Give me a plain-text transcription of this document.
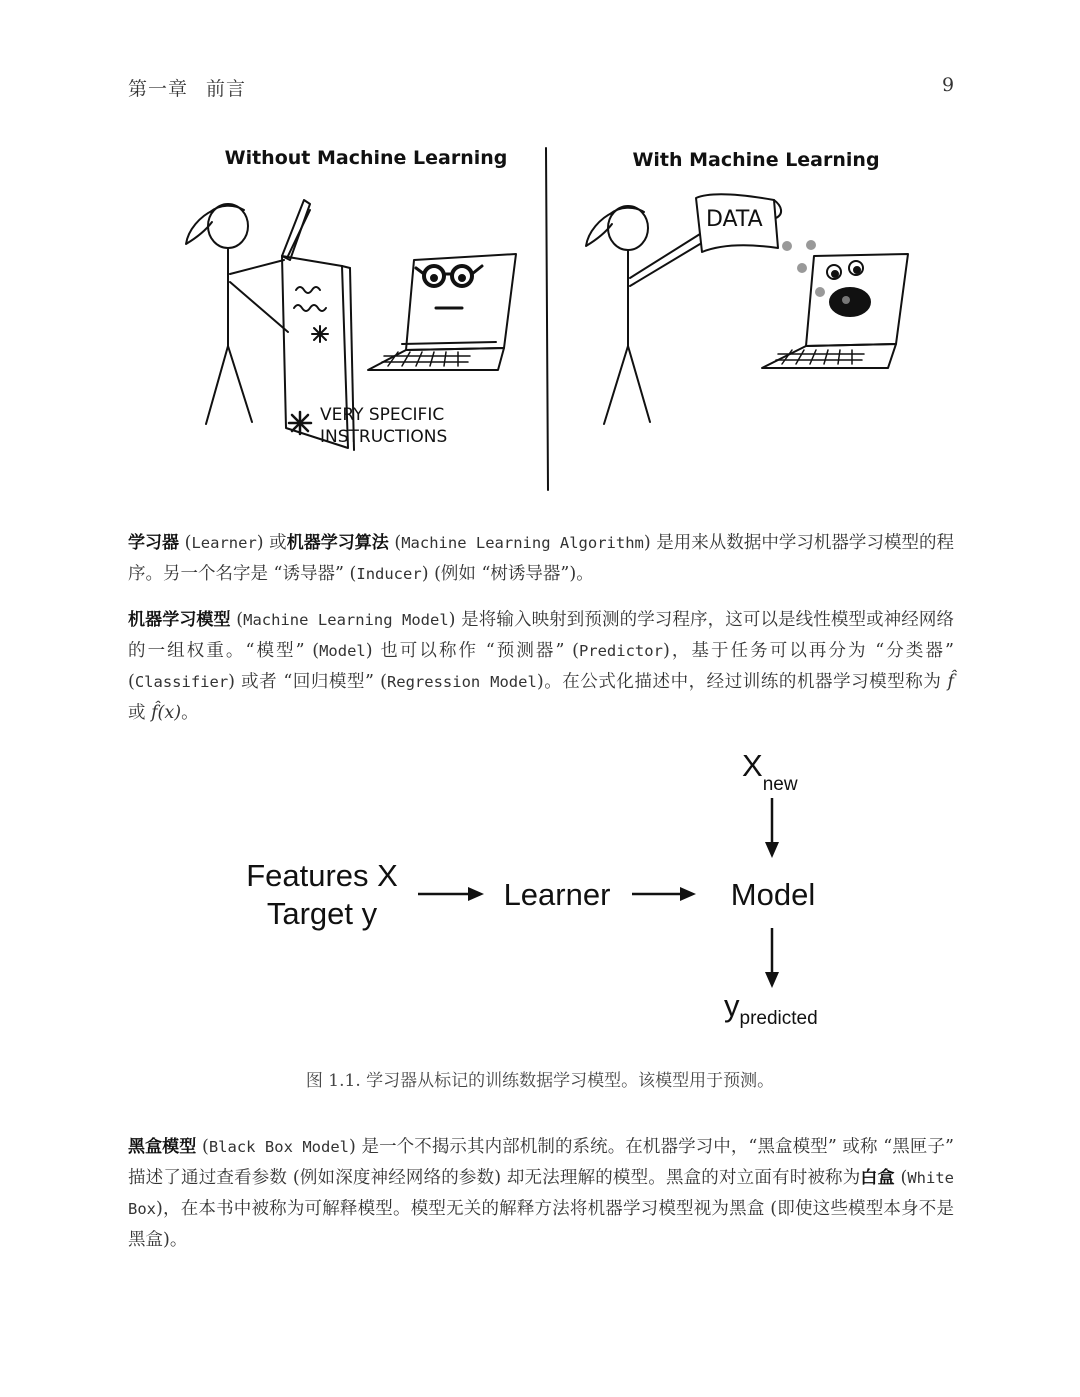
第一章 前言	9
Without Machine Learning	With Machine Learning
DATA
VERY SPECIFIC
INSTRUCTIONS
学习器 (Learner) 或机器学习算法 (Machine Learning Algorithm) 是用来从数据中学习机器学习模型的程序。另一个名字是 “诱导器” (Inducer) (例如 “树诱导器”)。
机器学习模型 (Machine Learning Model) 是将输入映射到预测的学习程序，这可以是线性模型或神经网络的一组权重。“模型” (Model) 也可以称作 “预测器” (Predictor)，基于任务可以再分为 “分类器” (Classifier) 或者 “回归模型” (Regression Model)。在公式化描述中，经过训练的机器学习模型称为 f̂ 或 f̂(x)。
Features X
Target y
Learner	Model
$X_{new}$
$y_{predicted}$
图 1.1. 学习器从标记的训练数据学习模型。该模型用于预测。
黑盒模型 (Black Box Model) 是一个不揭示其内部机制的系统。在机器学习中，“黑盒模型” 或称 “黑匣子” 描述了通过查看参数 (例如深度神经网络的参数) 却无法理解的模型。黑盒的对立面有时被称为白盒 (White Box)，在本书中被称为可解释模型。模型无关的解释方法将机器学习模型视为黑盒 (即使这些模型本身不是黑盒)。
